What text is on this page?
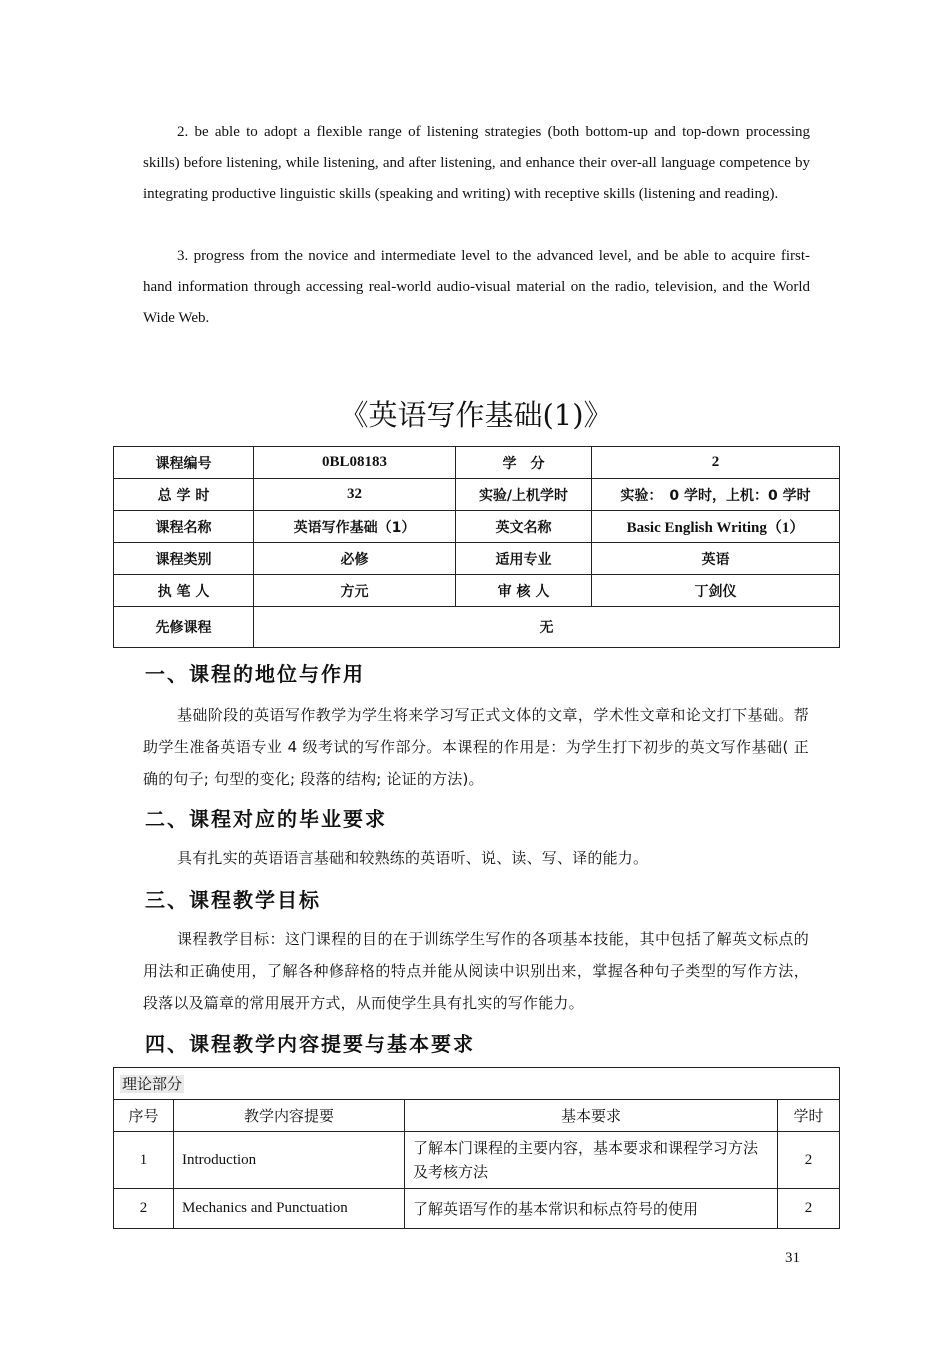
2. be able to adopt a flexible range of listening strategies (both bottom-up and top-down processing skills) before listening, while listening, and after listening, and enhance their over-all language competence by integrating productive linguistic skills (speaking and writing) with receptive skills (listening and reading).

3. progress from the novice and intermediate level to the advanced level, and be able to acquire first-hand information through accessing real-world audio-visual material on the radio, television, and the World Wide Web.

《英语写作基础(1)》
课程编号	0BL08183	学　分	2
总 学 时	32	实验/上机学时	实验：　0 学时，上机：0 学时
课程名称	英语写作基础（1）	英文名称	Basic English Writing（1）
课程类别	必修	适用专业	英语
执 笔 人	方元	审 核 人	丁剑仪
先修课程	无		
一、课程的地位与作用

基础阶段的英语写作教学为学生将来学习写正式文体的文章，学术性文章和论文打下基础。帮助学生准备英语专业 4 级考试的写作部分。本课程的作用是：为学生打下初步的英文写作基础( 正确的句子; 句型的变化; 段落的结构; 论证的方法)。

二、课程对应的毕业要求

具有扎实的英语语言基础和较熟练的英语听、说、读、写、译的能力。

三、课程教学目标

课程教学目标：这门课程的目的在于训练学生写作的各项基本技能，其中包括了解英文标点的用法和正确使用，了解各种修辞格的特点并能从阅读中识别出来，掌握各种句子类型的写作方法，段落以及篇章的常用展开方式，从而使学生具有扎实的写作能力。

四、课程教学内容提要与基本要求
理论部分			
序号	教学内容提要	基本要求	学时
1	Introduction	了解本门课程的主要内容，基本要求和课程学习方法及考核方法	2
2	Mechanics and Punctuation	了解英语写作的基本常识和标点符号的使用	2
31
